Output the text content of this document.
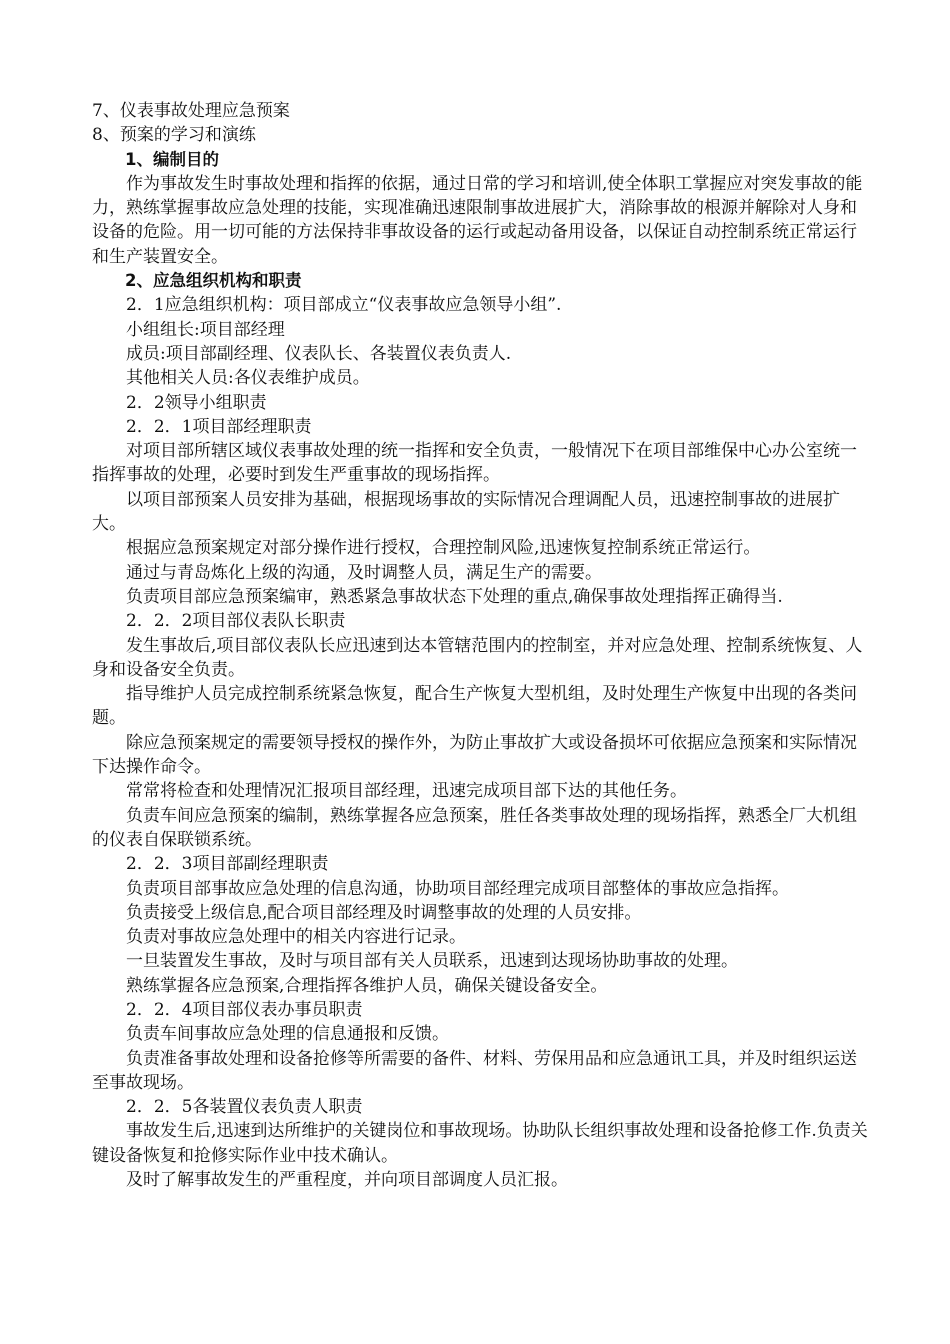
7、仪表事故处理应急预案

8、预案的学习和演练

1、编制目的

作为事故发生时事故处理和指挥的依据，通过日常的学习和培训,使全体职工掌握应对突发事故的能力，熟练掌握事故应急处理的技能，实现准确迅速限制事故进展扩大，消除事故的根源并解除对人身和设备的危险。用一切可能的方法保持非事故设备的运行或起动备用设备，以保证自动控制系统正常运行和生产装置安全。

2、应急组织机构和职责

2．1应急组织机构：项目部成立“仪表事故应急领导小组”.

小组组长:项目部经理

成员:项目部副经理、仪表队长、各装置仪表负责人.

其他相关人员:各仪表维护成员。

2．2领导小组职责

2．2．1项目部经理职责

对项目部所辖区域仪表事故处理的统一指挥和安全负责，一般情况下在项目部维保中心办公室统一指挥事故的处理，必要时到发生严重事故的现场指挥。

以项目部预案人员安排为基础，根据现场事故的实际情况合理调配人员，迅速控制事故的进展扩大。

根据应急预案规定对部分操作进行授权，合理控制风险,迅速恢复控制系统正常运行。

通过与青岛炼化上级的沟通，及时调整人员，满足生产的需要。

负责项目部应急预案编审，熟悉紧急事故状态下处理的重点,确保事故处理指挥正确得当.

2．2．2项目部仪表队长职责

发生事故后,项目部仪表队长应迅速到达本管辖范围内的控制室，并对应急处理、控制系统恢复、人身和设备安全负责。

指导维护人员完成控制系统紧急恢复，配合生产恢复大型机组，及时处理生产恢复中出现的各类问题。

除应急预案规定的需要领导授权的操作外，为防止事故扩大或设备损坏可依据应急预案和实际情况下达操作命令。

常常将检查和处理情况汇报项目部经理，迅速完成项目部下达的其他任务。

负责车间应急预案的编制，熟练掌握各应急预案，胜任各类事故处理的现场指挥，熟悉全厂大机组的仪表自保联锁系统。

2．2．3项目部副经理职责

负责项目部事故应急处理的信息沟通，协助项目部经理完成项目部整体的事故应急指挥。

负责接受上级信息,配合项目部经理及时调整事故的处理的人员安排。

负责对事故应急处理中的相关内容进行记录。

一旦装置发生事故，及时与项目部有关人员联系，迅速到达现场协助事故的处理。

熟练掌握各应急预案,合理指挥各维护人员，确保关键设备安全。

2．2．4项目部仪表办事员职责

负责车间事故应急处理的信息通报和反馈。

负责准备事故处理和设备抢修等所需要的备件、材料、劳保用品和应急通讯工具，并及时组织运送至事故现场。

2．2．5各装置仪表负责人职责

事故发生后,迅速到达所维护的关键岗位和事故现场。协助队长组织事故处理和设备抢修工作.负责关键设备恢复和抢修实际作业中技术确认。

及时了解事故发生的严重程度，并向项目部调度人员汇报。
